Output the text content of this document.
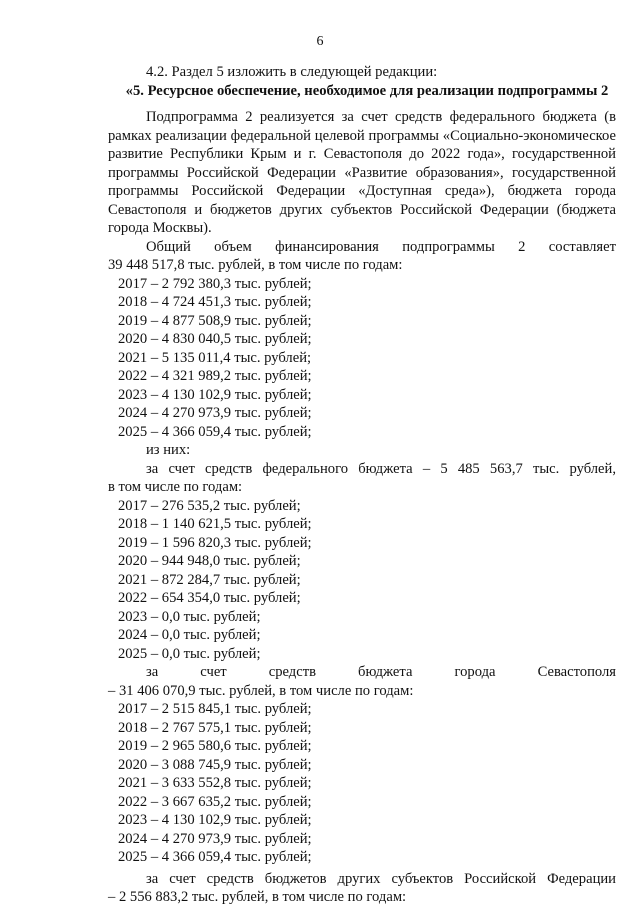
6

4.2. Раздел 5 изложить в следующей редакции:

«5. Ресурсное обеспечение, необходимое для реализации подпрограммы 2

Подпрограмма 2 реализуется за счет средств федерального бюджета (в рамках реализации федеральной целевой программы «Социально-экономическое развитие Республики Крым и г. Севастополя до 2022 года», государственной программы Российской Федерации «Развитие образования», государственной программы Российской Федерации «Доступная среда»), бюджета города Севастополя и бюджетов других субъектов Российской Федерации (бюджета города Москвы).

Общий объем финансирования подпрограммы 2 составляет

39 448 517,8 тыс. рублей, в том числе по годам:

2017 – 2 792 380,3 тыс. рублей;
2018 – 4 724 451,3 тыс. рублей;
2019 – 4 877 508,9 тыс. рублей;
2020 – 4 830 040,5 тыс. рублей;
2021 – 5 135 011,4 тыс. рублей;
2022 – 4 321 989,2 тыс. рублей;
2023 – 4 130 102,9 тыс. рублей;
2024 – 4 270 973,9 тыс. рублей;
2025 – 4 366 059,4 тыс. рублей;

из них:

за счет средств федерального бюджета – 5 485 563,7 тыс. рублей,

в том числе по годам:

2017 – 276 535,2 тыс. рублей;
2018 – 1 140 621,5 тыс. рублей;
2019 – 1 596 820,3 тыс. рублей;
2020 – 944 948,0 тыс. рублей;
2021 – 872 284,7 тыс. рублей;
2022 – 654 354,0 тыс. рублей;
2023 – 0,0 тыс. рублей;
2024 – 0,0 тыс. рублей;
2025 – 0,0 тыс. рублей;

за счет средств бюджета города Севастополя

– 31 406 070,9 тыс. рублей, в том числе по годам:

2017 – 2 515 845,1 тыс. рублей;
2018 – 2 767 575,1 тыс. рублей;
2019 – 2 965 580,6 тыс. рублей;
2020 – 3 088 745,9 тыс. рублей;
2021 – 3 633 552,8 тыс. рублей;
2022 – 3 667 635,2 тыс. рублей;
2023 – 4 130 102,9 тыс. рублей;
2024 – 4 270 973,9 тыс. рублей;
2025 – 4 366 059,4 тыс. рублей;

за счет средств бюджетов других субъектов Российской Федерации

– 2 556 883,2 тыс. рублей, в том числе по годам:
